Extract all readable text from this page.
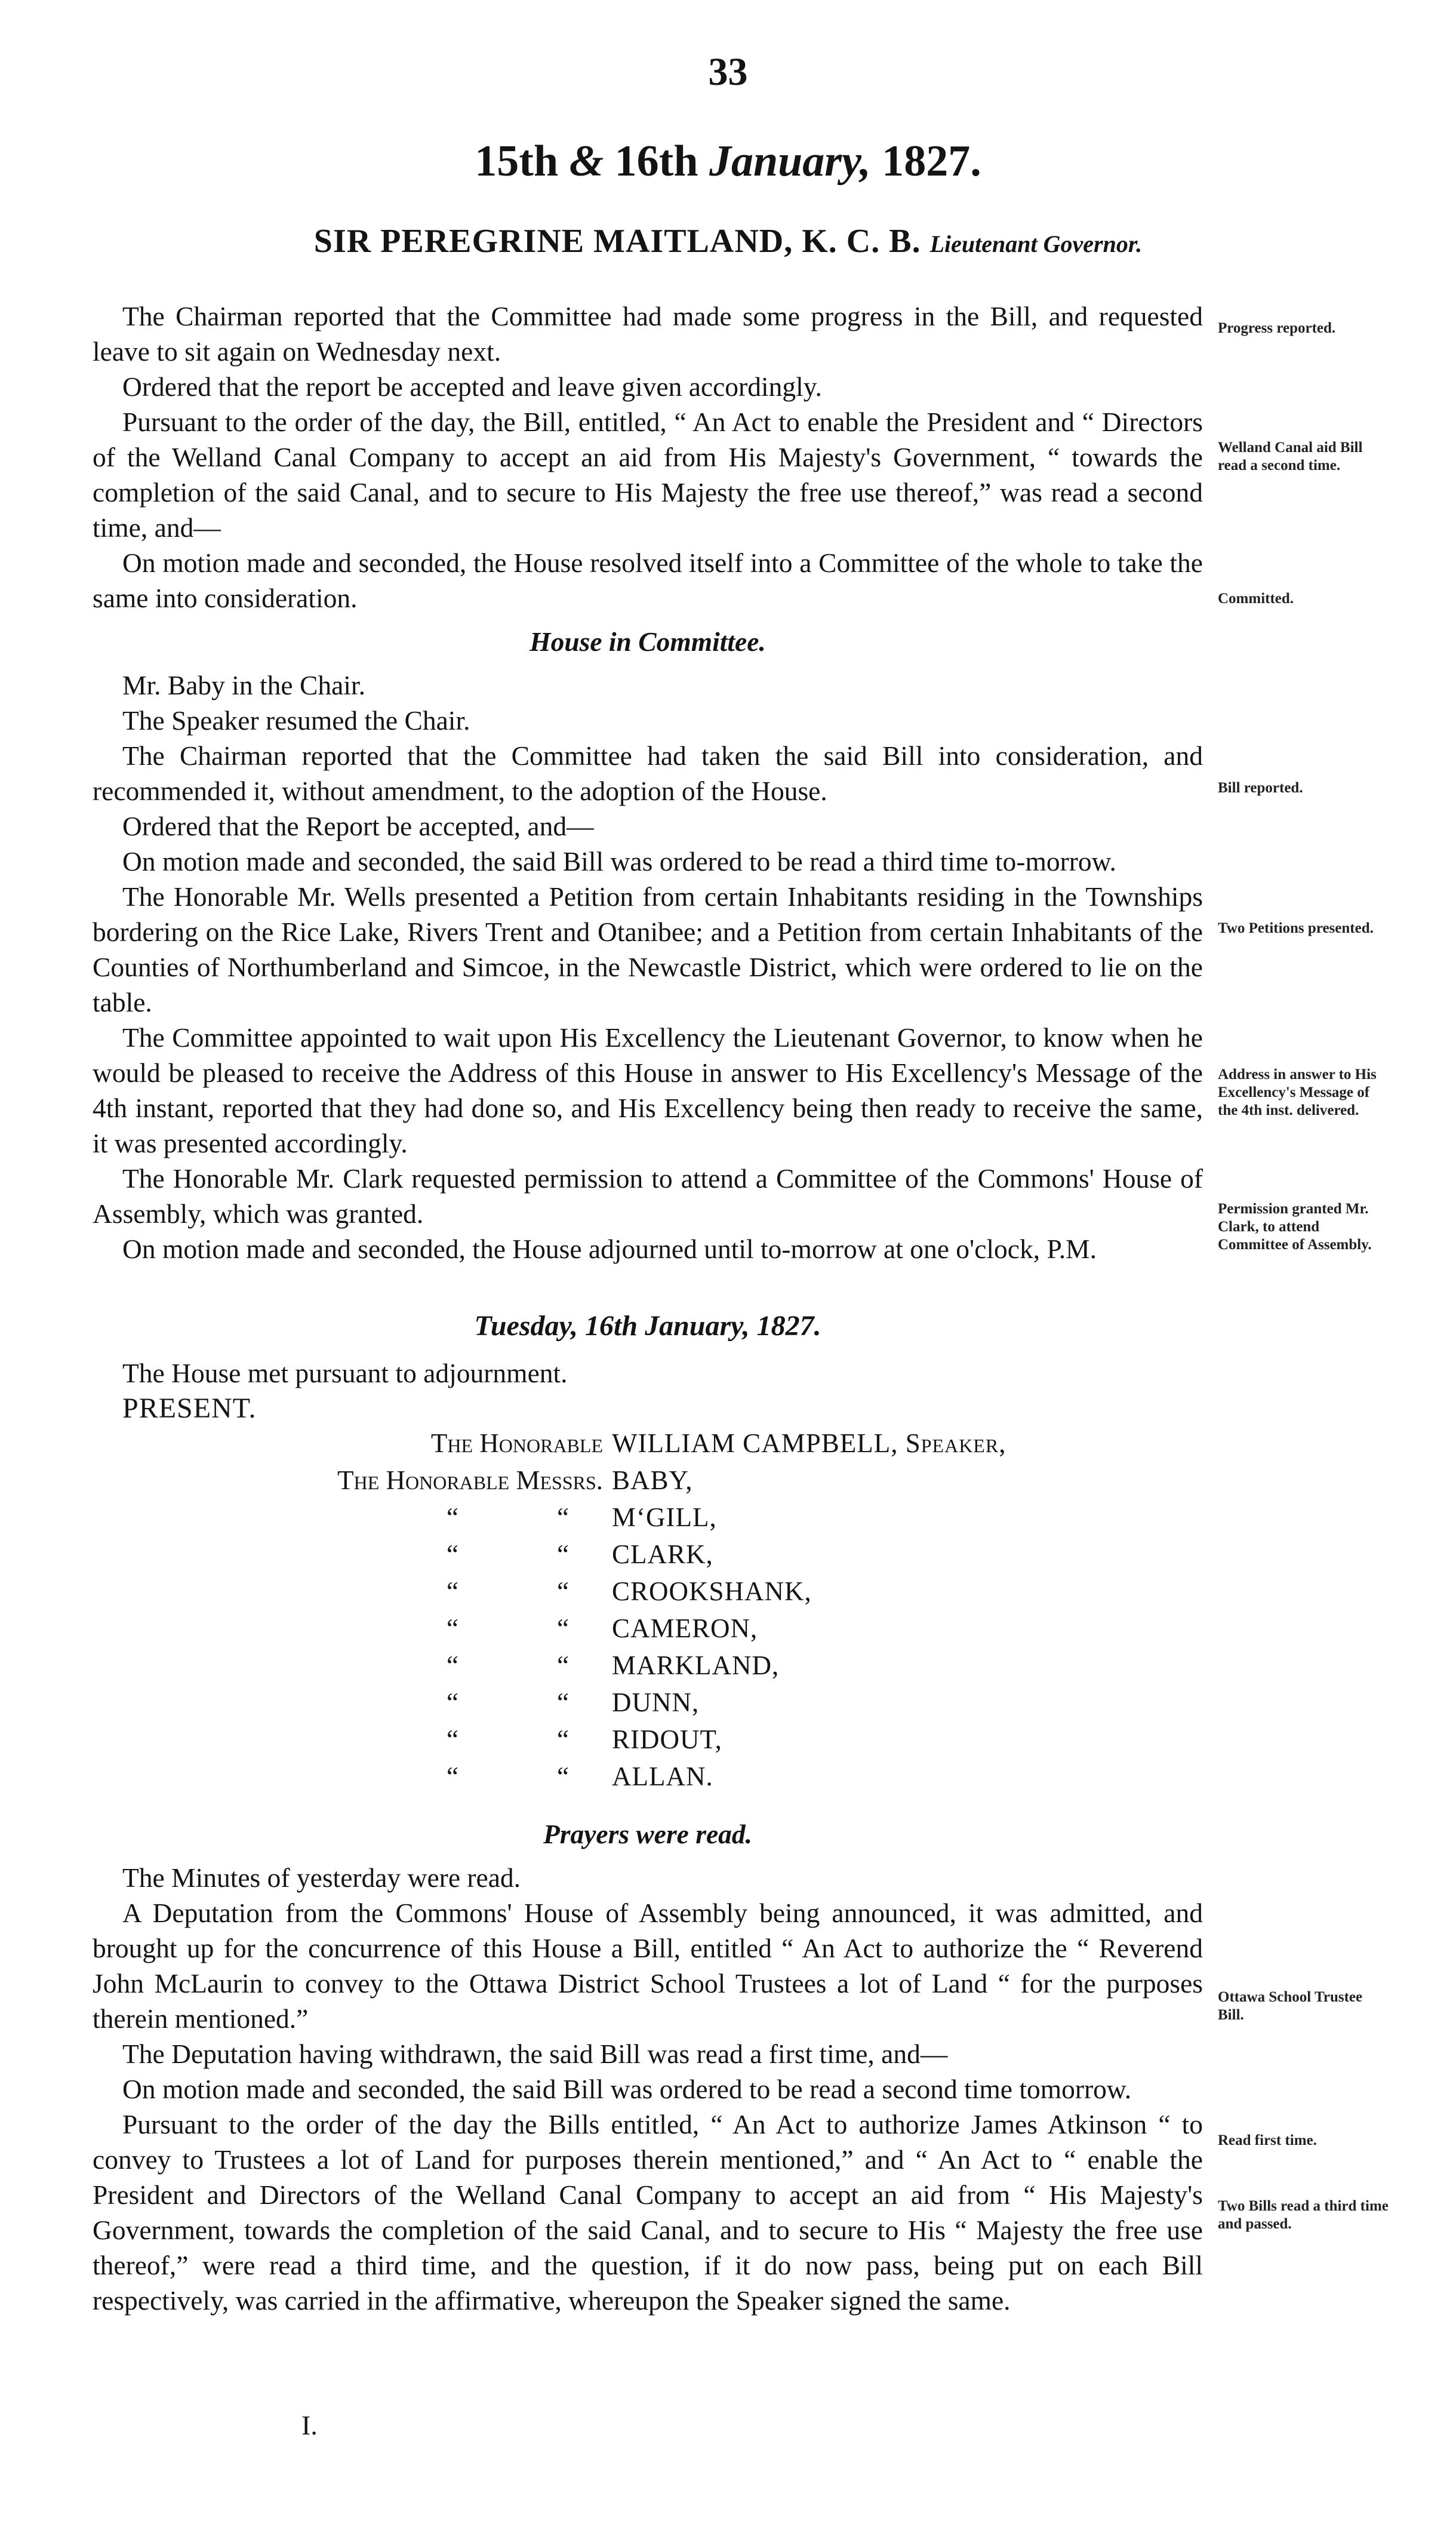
33
15th & 16th January, 1827.
SIR PEREGRINE MAITLAND, K. C. B. Lieutenant Governor.

The Chairman reported that the Committee had made some progress in the Bill, and requested leave to sit again on Wednesday next.

Ordered that the report be accepted and leave given accordingly.

Pursuant to the order of the day, the Bill, entitled, “ An Act to enable the President and “ Directors of the Welland Canal Company to accept an aid from His Majesty's Government, “ towards the completion of the said Canal, and to secure to His Majesty the free use thereof,” was read a second time, and—

On motion made and seconded, the House resolved itself into a Committee of the whole to take the same into consideration.

House in Committee.

Mr. Baby in the Chair.

The Speaker resumed the Chair.

The Chairman reported that the Committee had taken the said Bill into consideration, and recommended it, without amendment, to the adoption of the House.

Ordered that the Report be accepted, and—

On motion made and seconded, the said Bill was ordered to be read a third time to-morrow.

The Honorable Mr. Wells presented a Petition from certain Inhabitants residing in the Townships bordering on the Rice Lake, Rivers Trent and Otanibee; and a Petition from certain Inhabitants of the Counties of Northumberland and Simcoe, in the Newcastle District, which were ordered to lie on the table.

The Committee appointed to wait upon His Excellency the Lieutenant Governor, to know when he would be pleased to receive the Address of this House in answer to His Excellency's Message of the 4th instant, reported that they had done so, and His Excellency being then ready to receive the same, it was presented accordingly.

The Honorable Mr. Clark requested permission to attend a Committee of the Commons' House of Assembly, which was granted.

On motion made and seconded, the House adjourned until to-morrow at one o'clock, P.M.

Tuesday, 16th January, 1827.

The House met pursuant to adjournment.

PRESENT.

The Honorable WILLIAM CAMPBELL, Speaker,
The Honorable Messrs. BABY,
“	“ M‘GILL,
“	“ CLARK,
“	“ CROOKSHANK,
“	“ CAMERON,
“	“ MARKLAND,
“	“ DUNN,
“	“ RIDOUT,
“	“ ALLAN.

Prayers were read.

The Minutes of yesterday were read.

A Deputation from the Commons' House of Assembly being announced, it was admitted, and brought up for the concurrence of this House a Bill, entitled “ An Act to authorize the “ Reverend John McLaurin to convey to the Ottawa District School Trustees a lot of Land “ for the purposes therein mentioned.”

The Deputation having withdrawn, the said Bill was read a first time, and—

On motion made and seconded, the said Bill was ordered to be read a second time tomorrow.

Pursuant to the order of the day the Bills entitled, “ An Act to authorize James Atkinson “ to convey to Trustees a lot of Land for purposes therein mentioned,” and “ An Act to “ enable the President and Directors of the Welland Canal Company to accept an aid from “ His Majesty's Government, towards the completion of the said Canal, and to secure to His “ Majesty the free use thereof,” were read a third time, and the question, if it do now pass, being put on each Bill respectively, was carried in the affirmative, whereupon the Speaker signed the same.

I.
Progress reported.
Welland Canal aid Bill read a second time.
Committed.
Bill reported.
Two Petitions presented.
Address in answer to His Excellency's Message of the 4th inst. delivered.
Permission granted Mr. Clark, to attend Committee of Assembly.
Ottawa School Trustee Bill.
Read first time.
Two Bills read a third time and passed.
